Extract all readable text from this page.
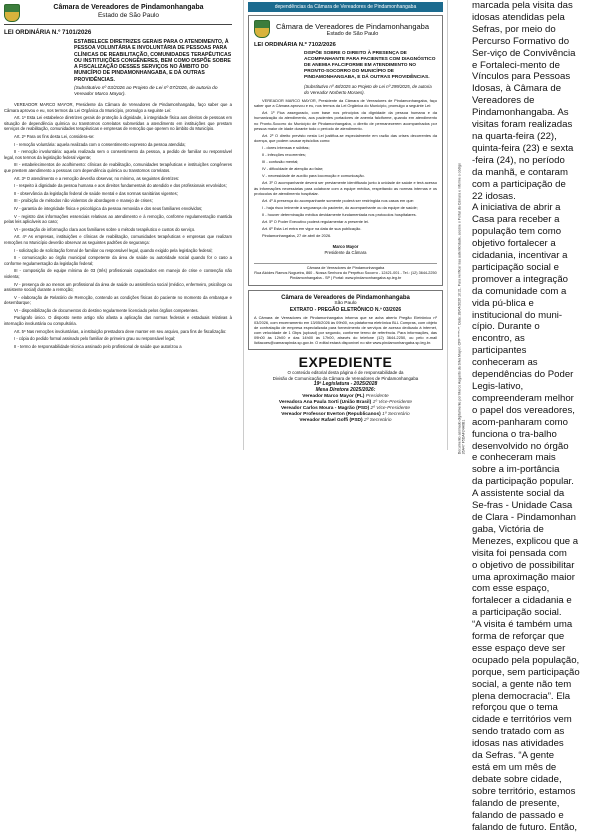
Câmara de Vereadores de Pindamonhangaba
Estado de São Paulo
LEI ORDINÁRIA N.º 7101/2026
ESTABELECE DIRETRIZES GERAIS PARA O ATENDIMENTO, À PESSOA VOLUNTÁRIA E INVOLUNTÁRIA DE PESSOAS PARA CLÍNICAS DE REABILITAÇÃO, COMUNIDADES TERAPÊUTICAS OU INSTITUIÇÕES CONGÊNERES, BEM COMO DISPÕE SOBRE A FISCALIZAÇÃO DESSES SERVIÇOS NO ÂMBITO DO MUNICÍPIO DE PINDAMONHANGABA, E DÁ OUTRAS PROVIDÊNCIAS.
(Substitutivo nº 03/2026 ao Projeto de Lei nº 07/2026, de autoria do Vereador Marco Mayor).

VEREADOR MARCO MAYOR, Presidente da Câmara de Vereadores de Pindamonhangaba, faço saber que a Câmara aprovou e eu, nos termos da Lei Orgânica do Município, promulgo a seguinte Lei:

Art. 1º Esta Lei estabelece diretrizes gerais de proteção à dignidade, à integridade física aos direitos de pessoas em situação de dependência química ou transtornos correlatos submetidas a atendimento em instituições que prestam serviços de reabilitação, comunidades terapêuticas e empresas de remoção que operem no âmbito do Município.

Art. 2º Para os fins desta Lei, considera-se:

I - remoção voluntária: aquela realizada com o consentimento expresso da pessoa atendida;

II - remoção involuntária: aquela realizada sem o consentimento da pessoa, a pedido de familiar ou responsável legal, nos termos da legislação federal vigente;

III - estabelecimentos de acolhimento: clínicas de reabilitação, comunidades terapêuticas e instituições congêneres que prestem atendimento a pessoas com dependência química ou transtornos correlatos.

Art. 3º O atendimento e a remoção deverão observar, no mínimo, as seguintes diretrizes:

I - respeito à dignidade da pessoa humana e aos direitos fundamentais do atendido e dos profissionais envolvidos;

II - observância da legislação federal de saúde mental e das normas sanitárias vigentes;

III - proibição de métodos não violentos de abordagem e manejo de crises;

IV - garantia de integridade física e psicológica da pessoa removida e dos seus familiares envolvidos;

V - registro das informações essenciais relativas ao atendimento e à remoção, conforme regulamentação mantida pelas leis aplicáveis ao caso;

VI - prestação de informação clara aos familiares sobre o método terapêutico e custos do serviço.

Art. 4º As empresas, instituições e clínicas de reabilitação, comunidades terapêuticas e empresas que realizam remoções no Município deverão observar as seguintes padrões de segurança:

I - solicitação de solicitação formal de familiar ou responsável legal, quando exigido pela legislação federal;

II - comunicação ao órgão municipal competente da área de saúde ou autoridade social quando for o caso a conforme regulamentação da legislação federal;

III - composição de equipe mínima de 03 (três) profissionais capacitados em manejo de crise e contenção não violenta;

IV - presença de ao menos um profissional da área de saúde ou assistência social (médico, enfermeiro, psicólogo ou assistente social) durante a remoção;

V - elaboração de Relatório de Remoção, contendo as condições físicas do paciente no momento da embarque e desembarque;

VI - disponibilização de documentos do destino regularmente licenciado pelos órgãos competentes.

Parágrafo único. O disposto neste artigo não afasta a aplicação das normas federais e estaduais relativas à internação involuntária ou compulsória.

Art. 5º Nas remoções involuntárias, a instituição prestadora deve manter em seu arquivo, para fins de fiscalização:

I - cópia do pedido formal assinado pelo familiar de primeiro grau ou responsável legal;

II - termo de responsabilidade técnica assinado pelo profissional de saúde que autorizou a

dependências da Câmara de Vereadores de Pindamonhangaba
Câmara de Vereadores de Pindamonhangaba
Estado de São Paulo
LEI ORDINÁRIA N.º 7102/2026
DISPÕE SOBRE O DIREITO À PRESENÇA DE ACOMPANHANTE PARA PACIENTES COM DIAGNÓSTICO DE ANEMIA FALCIFORME EM ATENDIMENTO NO PRONTO-SOCORRO DO MUNICÍPIO DE PINDAMONHANGABA, E DÁ OUTRAS PROVIDÊNCIAS.
(Substitutivo nº 48/2025 ao Projeto de Lei nº 299/2025, de autoria do Vereador Norberto Moraes).

VEREADOR MARCO MAYOR, Presidente da Câmara de Vereadores de Pindamonhangaba, faço saber que a Câmara aprovou e eu, nos termos da Lei Orgânica do Município, promulgo a seguinte Lei:

Art. 1º Fica assegurado, com base nos princípios da dignidade da pessoa humana e da humanização do atendimento, aos pacientes portadores de anemia falciforme, quando em atendimento no Pronto-Socorro do Município de Pindamonhangaba, o direito de permanecerem acompanhados por pessoa maior de idade durante todo o período de atendimento.

Art. 2º O direito previsto nesta Lei justifica-se especialmente em razão das crises decorrentes da doença, que podem causar episódios como:

I - dores intensas e súbitas;

II - infecções recorrentes;

III - confusão mental;

IV - dificuldade de atenção ao falar;

V - necessidade de auxílio para locomoção e comunicação.

Art. 3º O acompanhante deverá ser previamente identificado junto à unidade de saúde e terá acesso às informações necessárias para colaborar com a equipe médica, respeitando as normas internas e os protocolos de atendimento hospitalar.

Art. 4º A presença do acompanhante somente poderá ser restringida nos casos em que:

I - haja risco iminente à segurança do paciente, do acompanhante ou da equipe de saúde;

II - houver determinação médica devidamente fundamentada nos protocolos hospitalares.

Art. 5º O Poder Executivo poderá regulamentar a presente lei.

Art. 6º Esta Lei entra em vigor na data de sua publicação.

Pindamonhangaba, 27 de abril de 2026.

Marco Mayor
Presidente da Câmara
Câmara de Vereadores de Pindamonhangaba
Rua Alcides Ramos Nogueira, 860 - Nossa Senhora do Perpétuo Socorro - 12421-001 - Tel.: (12) 3644-2250
Pindamonhangaba - SP | Portal: www.pindamonhangaba.sp.leg.br
Câmara de Vereadores de Pindamonhangaba
São Paulo
EXTRATO - PREGÃO ELETRÔNICO N.º 03/2026
A Câmara de Vereadores de Pindamonhangaba informa que se acha aberto Pregão Eletrônico nº 03/2026, com encerramento em 13/05/2026 às 09h00, na plataforma eletrônica BLL Compras, com objeto de contratação de empresa especializada para fornecimento de serviços de acesso dedicado à internet, com velocidade de 1 Gbps (upload) por segundo, conforme termo de referência. Para informações, das 09h00 às 12h00 e das 14h00 às 17h00, através do telefone (12) 3644-2250, ou pelo e-mail licitacoes@camarapinda.sp.gov.br. O edital estará disponível no site www.pindamonhangaba.sp.leg.br.
EXPEDIENTE
O conteúdo editorial desta página é de responsabilidade da
Divisão de Comunicação da Câmara de Vereadores de Pindamonhangaba
19ª Legislatura - 2025/2028
Mesa Diretora 2025/2026:
Vereador Marco Mayor (PL) Presidente
Vereadora Ana Paula Sorti (União Brasil) 1º Vice-Presidente
Vereador Carlos Moura - Magrão (PSD) 2º Vice-Presidente
Vereador Professor Everton (Republicanos) 1º Secretário
Vereador Rafael Goffi (PSD) 2º Secretário	Documento assinado digitalmente por Marco Augusto da Silva Mayor. CPF *****-**. Data: 28/04/2026 10:21. Para verificar sua autenticidade, acesse o Portal da Câmara e informe o código 26A47 F5DAF24A6B1

marcada pela visita das

idosas atendidas pela

Sefras, por meio do

Percurso Formativo do

Ser-viço de Convivência

e Fortaleci-mento de

Vínculos para Pessoas

Idosas, à Câmara de

Vereadores de

Pindamonhangaba. As

visitas foram realizadas

na quarta-feira (22),

quinta-feira (23) e sexta

-feira (24), no período

da manhã, e contaram

com a participação de

22 idosas.

A iniciativa de abrir a

Casa para receber a

população tem como

objetivo fortalecer a

cidadania, incentivar a

participação social e

promover a integração

da comunidade com a

vida pú-blica e

institucional do muni-

cípio. Durante o

encontro, as

participantes

conheceram as

dependências do Poder

Legis-lativo,

compreenderam melhor

o papel dos vereadores,

acom-panharam como

funciona o tra-balho

desenvolvido no órgão

e conheceram mais

sobre a im-portância

da participação popular.

A assistente social da

Se-fras - Unidade Casa

de Clara - Pindamonhan

gaba, Victória de

Menezes, explicou que a

visita foi pensada com

o objetivo de possibilitar

uma aproximação maior

com esse espaço,

fortalecer a cidadania e

a participação social.

“A visita é também uma

forma de reforçar que

esse espaço deve ser

ocupado pela população,

porque, sem participação

social, a gente não tem

plena democracia”. Ela

reforçou que o tema

cidade e territórios vem

sendo tratado com as

idosas nas atividades

da Sefras. “A gente

está em um mês de

debate sobre cidade,

sobre território, estamos

falando de presente,

falando de passado e

falando de futuro. Então,
